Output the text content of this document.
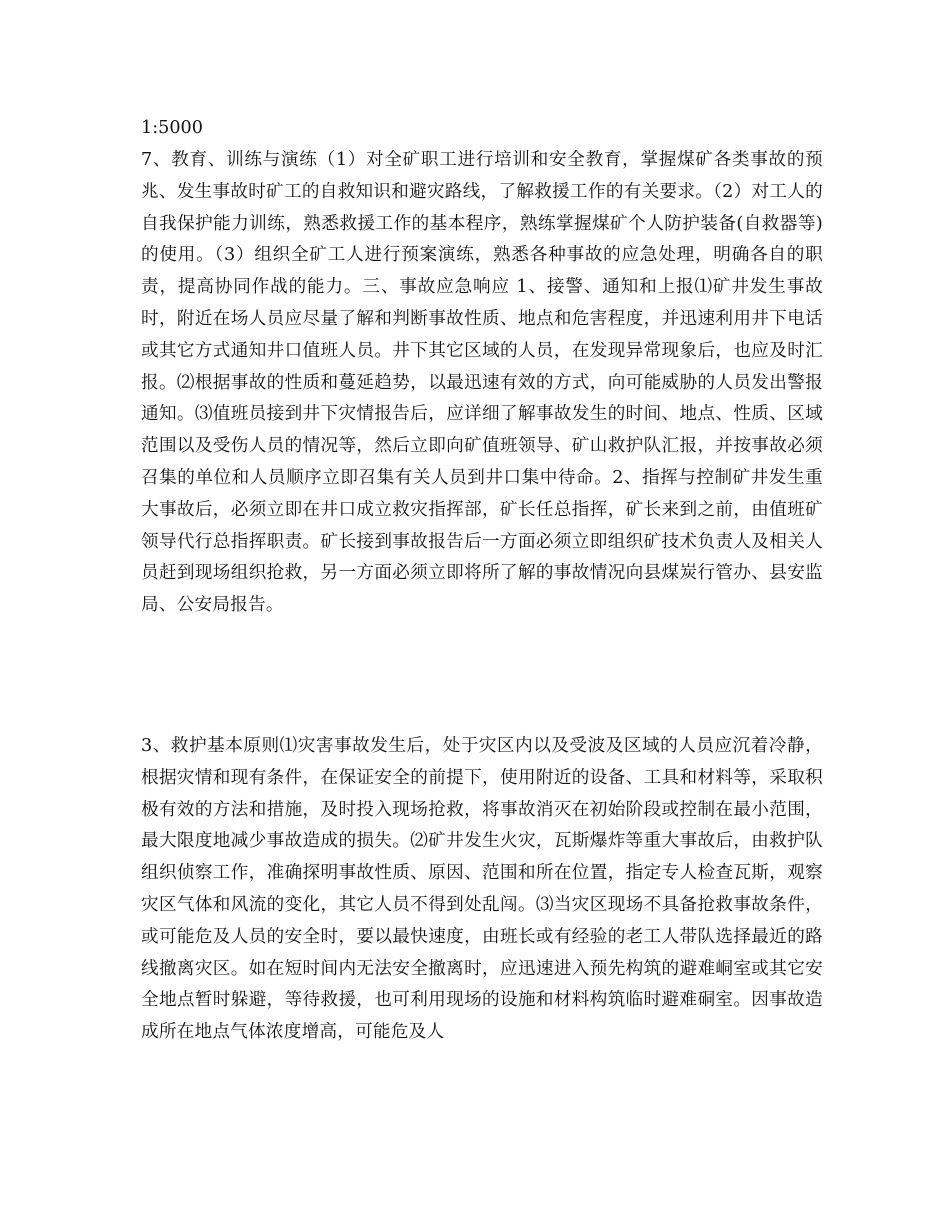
1:5000

7、教育、训练与演练（1）对全矿职工进行培训和安全教育，掌握煤矿各类事故的预兆、发生事故时矿工的自救知识和避灾路线，了解救援工作的有关要求。（2）对工人的自我保护能力训练，熟悉救援工作的基本程序，熟练掌握煤矿个人防护装备(自救器等)的使用。（3）组织全矿工人进行预案演练，熟悉各种事故的应急处理，明确各自的职责，提高协同作战的能力。三、事故应急响应 1、接警、通知和上报⑴矿井发生事故时，附近在场人员应尽量了解和判断事故性质、地点和危害程度，并迅速利用井下电话或其它方式通知井口值班人员。井下其它区域的人员，在发现异常现象后，也应及时汇报。⑵根据事故的性质和蔓延趋势，以最迅速有效的方式，向可能威胁的人员发出警报通知。⑶值班员接到井下灾情报告后，应详细了解事故发生的时间、地点、性质、区域范围以及受伤人员的情况等，然后立即向矿值班领导、矿山救护队汇报，并按事故必须召集的单位和人员顺序立即召集有关人员到井口集中待命。2、指挥与控制矿井发生重大事故后，必须立即在井口成立救灾指挥部，矿长任总指挥，矿长来到之前，由值班矿领导代行总指挥职责。矿长接到事故报告后一方面必须立即组织矿技术负责人及相关人员赶到现场组织抢救，另一方面必须立即将所了解的事故情况向县煤炭行管办、县安监局、公安局报告。

3、救护基本原则⑴灾害事故发生后，处于灾区内以及受波及区域的人员应沉着冷静，根据灾情和现有条件，在保证安全的前提下，使用附近的设备、工具和材料等，采取积极有效的方法和措施，及时投入现场抢救，将事故消灭在初始阶段或控制在最小范围，最大限度地减少事故造成的损失。⑵矿井发生火灾，瓦斯爆炸等重大事故后，由救护队组织侦察工作，准确探明事故性质、原因、范围和所在位置，指定专人检查瓦斯，观察灾区气体和风流的变化，其它人员不得到处乱闯。⑶当灾区现场不具备抢救事故条件，或可能危及人员的安全时，要以最快速度，由班长或有经验的老工人带队选择最近的路线撤离灾区。如在短时间内无法安全撤离时，应迅速进入预先构筑的避难峒室或其它安全地点暂时躲避，等待救援，也可利用现场的设施和材料构筑临时避难硐室。因事故造成所在地点气体浓度增高，可能危及人
